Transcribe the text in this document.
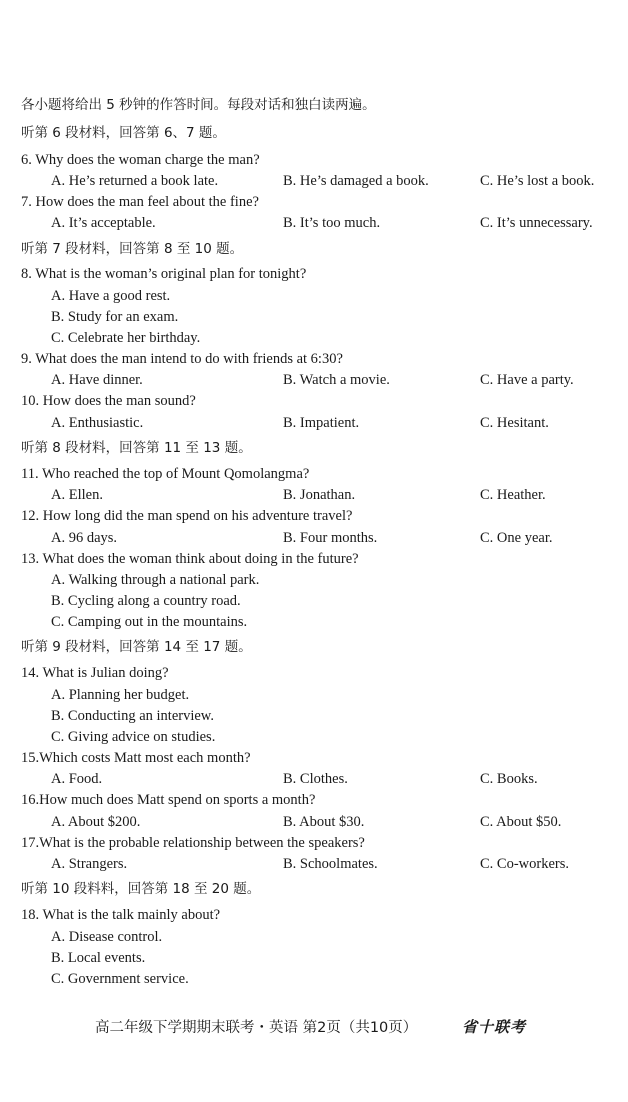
各小题将给出 5 秒钟的作答时间。每段对话和独白读两遍。
听第 6 段材料，回答第 6、7 题。
6. Why does the woman charge the man?
A. He’s returned a book late.	B. He’s damaged a book.	C. He’s lost a book.
7. How does the man feel about the fine?
A. It’s acceptable.	B. It’s too much.	C. It’s unnecessary.
听第 7 段材料，回答第 8 至 10 题。
8. What is the woman’s original plan for tonight?
A. Have a good rest.
B. Study for an exam.
C. Celebrate her birthday.
9. What does the man intend to do with friends at 6:30?
A. Have dinner.	B. Watch a movie.	C. Have a party.
10. How does the man sound?
A. Enthusiastic.	B. Impatient.	C. Hesitant.
听第 8 段材料，回答第 11 至 13 题。
11. Who reached the top of Mount Qomolangma?
A. Ellen.	B. Jonathan.	C. Heather.
12. How long did the man spend on his adventure travel?
A. 96 days.	B. Four months.	C. One year.
13. What does the woman think about doing in the future?
A. Walking through a national park.
B. Cycling along a country road.
C. Camping out in the mountains.
听第 9 段材料，回答第 14 至 17 题。
14. What is Julian doing?
A. Planning her budget.
B. Conducting an interview.
C. Giving advice on studies.
15.Which costs Matt most each month?
A. Food.	B. Clothes.	C. Books.
16.How much does Matt spend on sports a month?
A. About $200.	B. About $30.	C. About $50.
17.What is the probable relationship between the speakers?
A. Strangers.	B. Schoolmates.	C. Co-workers.
听第 10 段料料，回答第 18 至 20 题。
18. What is the talk mainly about?
A. Disease control.
B. Local events.
C. Government service.
高二年级下学期期末联考・英语 第2页（共10页）	省十联考
